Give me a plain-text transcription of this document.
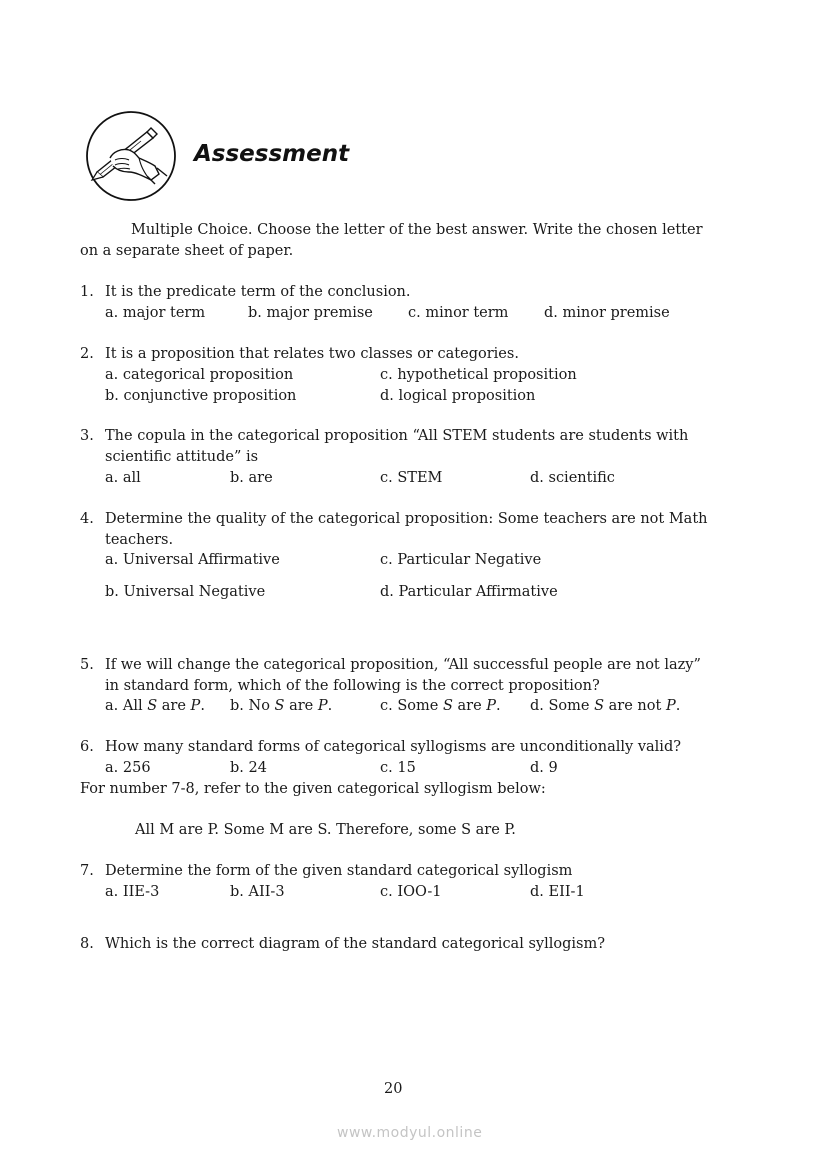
Assessment
Multiple Choice. Choose the letter of the best answer. Write the chosen letter
on a separate sheet of paper.
1. It is the predicate term of the conclusion.
a. major term	b. major premise c. minor term d. minor premise
2. It is a proposition that relates two classes or categories.
a. categorical proposition	c. hypothetical proposition
b. conjunctive proposition	d. logical proposition
3. The copula in the categorical proposition “All STEM students are students with
scientific attitude” is
a. all	b. are	c. STEM	d. scientific
4. Determine the quality of the categorical proposition: Some teachers are not Math
teachers.
a. Universal Affirmative	c. Particular Negative
b. Universal Negative	d. Particular Affirmative
5. If we will change the categorical proposition, “All successful people are not lazy”
in standard form, which of the following is the correct proposition?
a. All S are P. b. No S are P.	c. Some S are P. d. Some S are not P.
6. How many standard forms of categorical syllogisms are unconditionally valid?
a. 256	b. 24	c. 15	d. 9
For number 7-8, refer to the given categorical syllogism below:
All M are P. Some M are S. Therefore, some S are P.
7. Determine the form of the given standard categorical syllogism
a. IIE-3	b. AII-3	c. IOO-1	d. EII-1
8. Which is the correct diagram of the standard categorical syllogism?
20
www.modyul.online
